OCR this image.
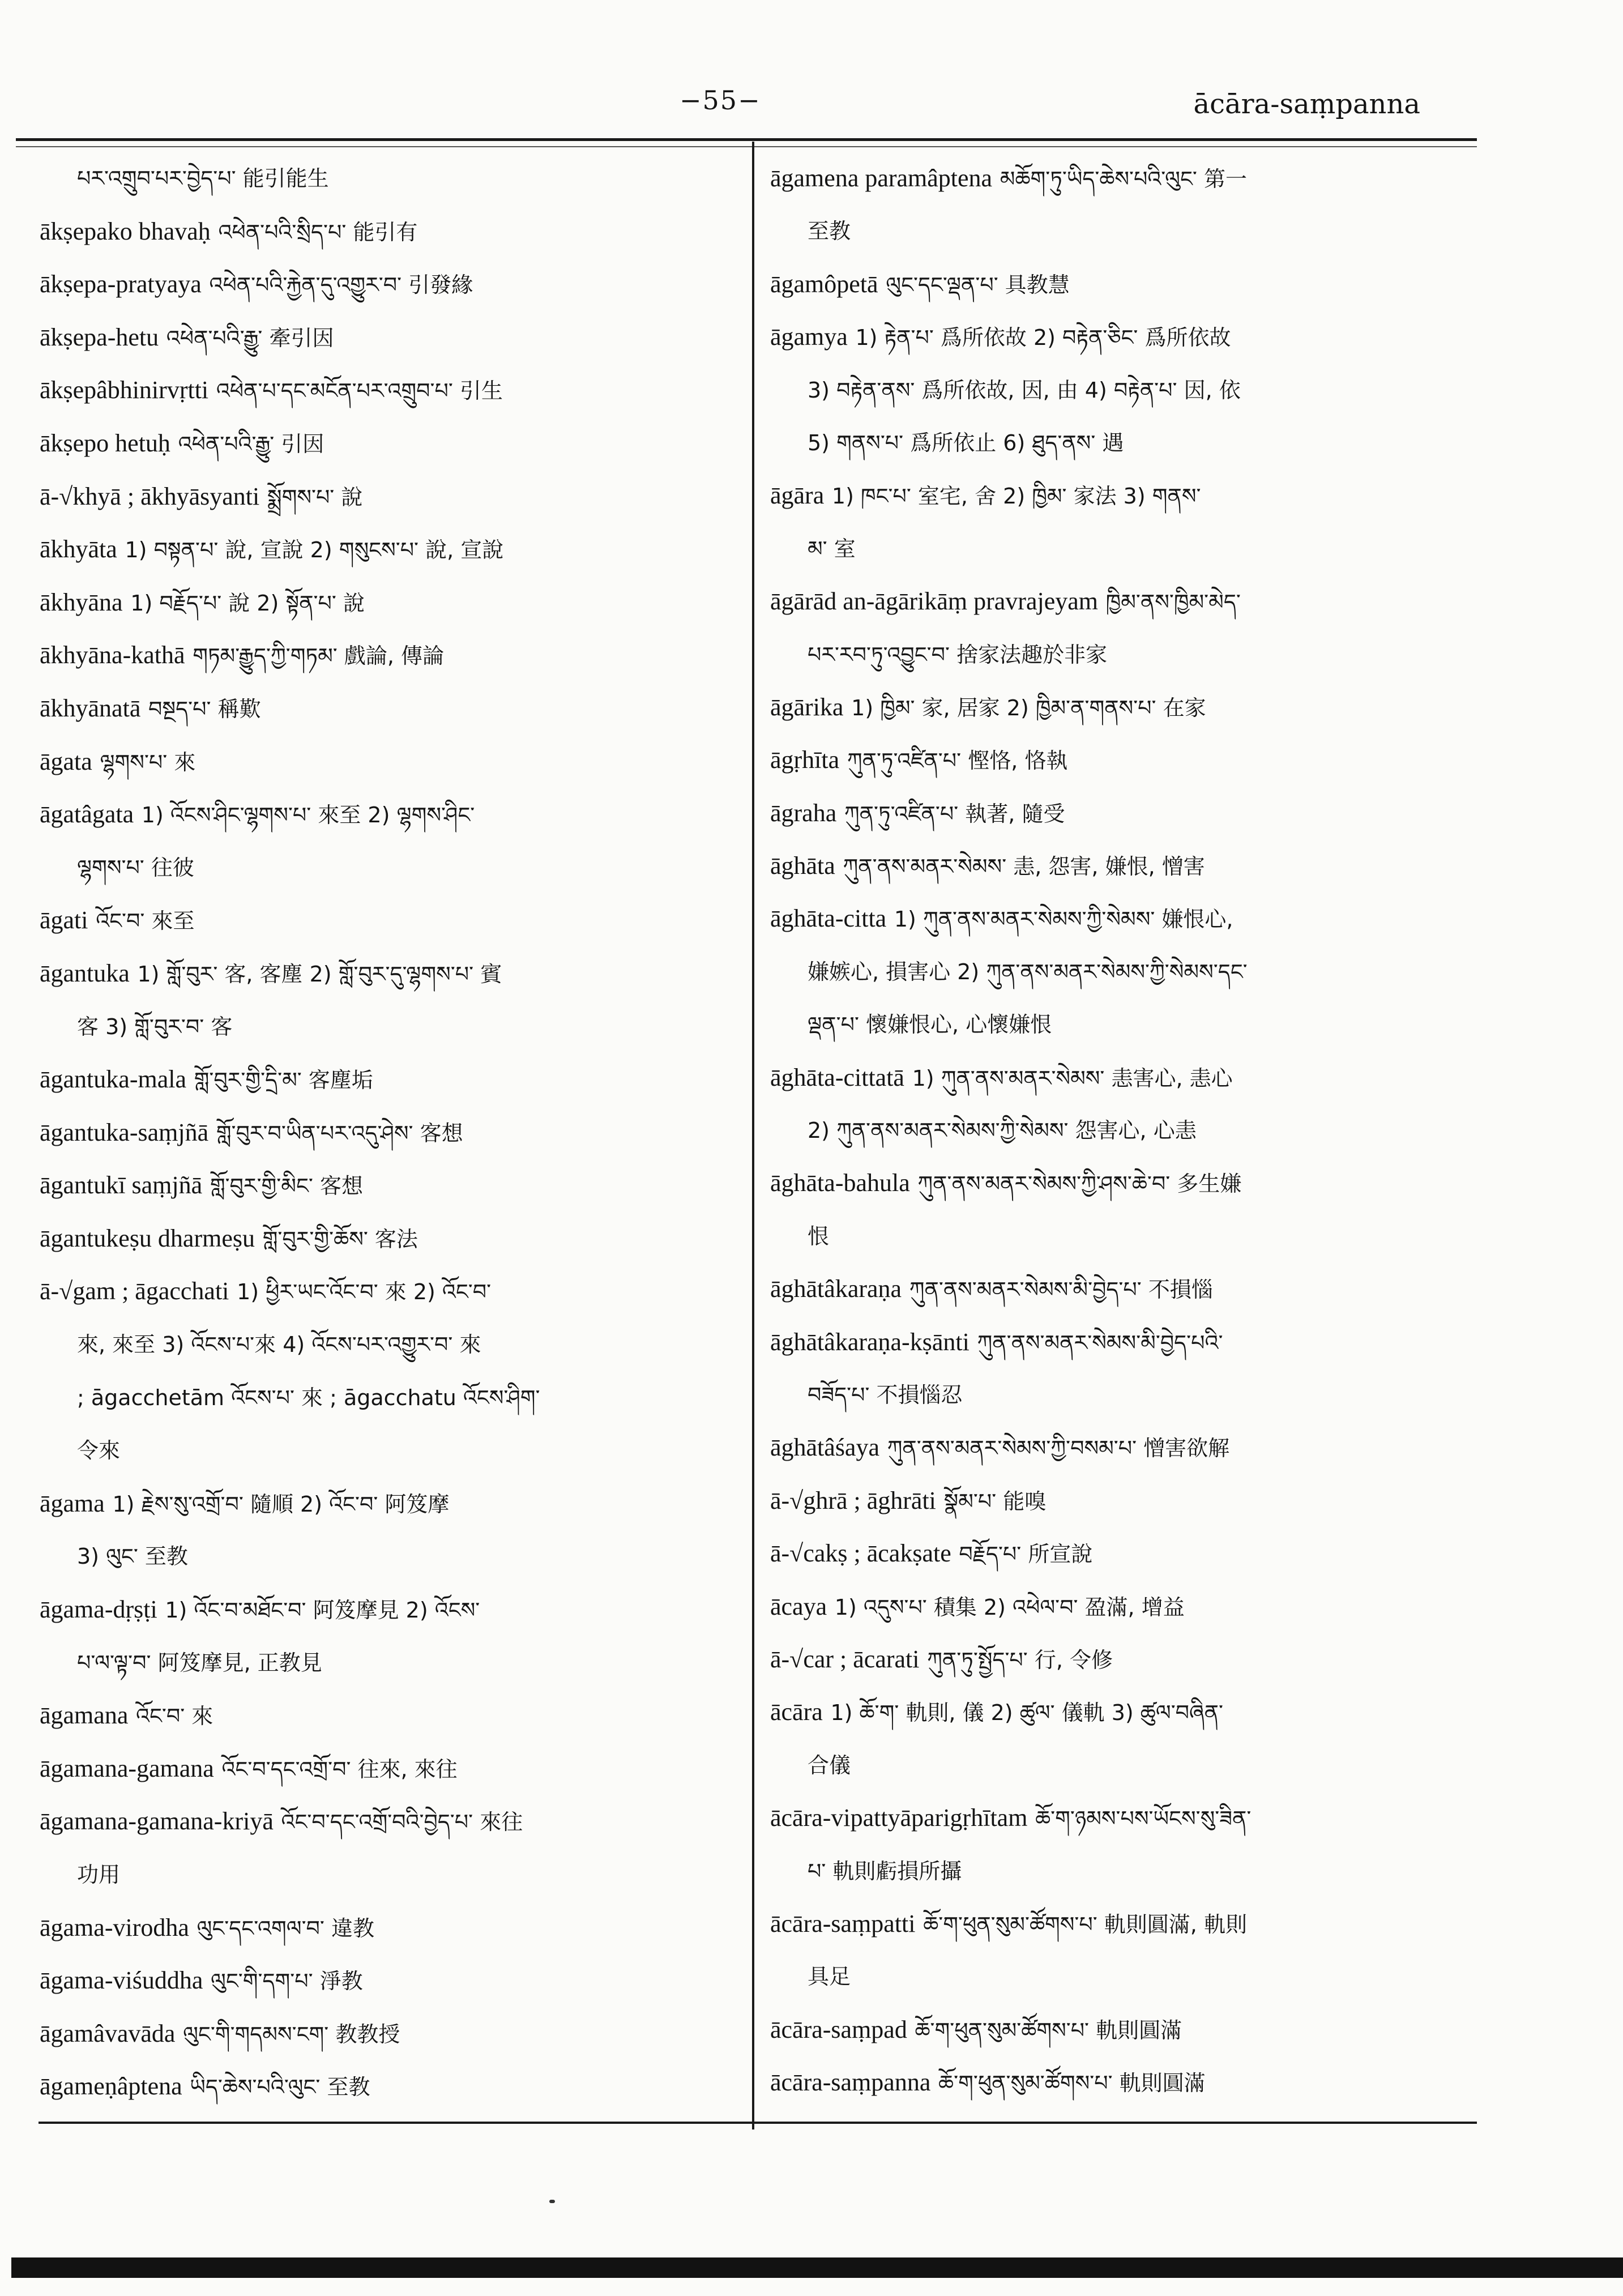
−55−	ācāra-saṃpanna
པར་འགྲུབ་པར་བྱེད་པ་ 能引能生
ākṣepako bhavaḥ འཕེན་པའི་སྲིད་པ་ 能引有
ākṣepa-pratyaya འཕེན་པའི་རྐྱེན་དུ་འགྱུར་བ་ 引發緣
ākṣepa-hetu འཕེན་པའི་རྒྱུ་ 牽引因
ākṣepâbhinirvṛtti འཕེན་པ་དང་མངོན་པར་འགྲུབ་པ་ 引生
ākṣepo hetuḥ འཕེན་པའི་རྒྱུ་ 引因
ā-√khyā ; ākhyāsyanti སྨྲོགས་པ་ 說
ākhyāta 1) བསྟན་པ་ 說, 宣說 2) གསུངས་པ་ 說, 宣說
ākhyāna 1) བརྗོད་པ་ 說 2) སྟོན་པ་ 說
ākhyāna-kathā གཏམ་རྒྱུད་ཀྱི་གཏམ་ 戲論, 傳論
ākhyānatā བསྔད་པ་ 稱歎
āgata ལྷགས་པ་ 來
āgatâgata 1) འོངས་ཤིང་ལྷགས་པ་ 來至 2) ལྷགས་ཤིང་
ལྷགས་པ་ 往彼
āgati འོང་བ་ 來至
āgantuka 1) གློ་བུར་ 客, 客塵 2) གློ་བུར་དུ་ལྷགས་པ་ 賓
客 3) གློ་བུར་བ་ 客
āgantuka-mala གློ་བུར་གྱི་དྲི་མ་ 客塵垢
āgantuka-saṃjñā གློ་བུར་བ་ཡིན་པར་འདུ་ཤེས་ 客想
āgantukī saṃjñā གློ་བུར་གྱི་མིང་ 客想
āgantukeṣu dharmeṣu གློ་བུར་གྱི་ཆོས་ 客法
ā-√gam ; āgacchati 1) ཕྱིར་ཡང་འོང་བ་ 來 2) འོང་བ་
來, 來至 3) འོངས་པ་來 4) འོངས་པར་འགྱུར་བ་ 來
; āgacchetām འོངས་པ་ 來 ; āgacchatu འོངས་ཤིག་
令來
āgama 1) རྗེས་སུ་འགྲོ་བ་ 隨順 2) འོང་བ་ 阿笈摩
3) ལུང་ 至教
āgama-dṛṣṭi 1) འོང་བ་མཐོང་བ་ 阿笈摩見 2) འོངས་
པ་ལ་ལྟ་བ་ 阿笈摩見, 正教見
āgamana འོང་བ་ 來
āgamana-gamana འོང་བ་དང་འགྲོ་བ་ 往來, 來往
āgamana-gamana-kriyā འོང་བ་དང་འགྲོ་བའི་བྱེད་པ་ 來往
功用
āgama-virodha ལུང་དང་འགལ་བ་ 違教
āgama-viśuddha ལུང་གི་དག་པ་ 淨教
āgamâvavāda ལུང་གི་གདམས་ངག་ 教教授
āgameṇâptena ཡིད་ཆེས་པའི་ལུང་ 至教
āgamena paramâptena མཆོག་ཏུ་ཡིད་ཆེས་པའི་ལུང་ 第一
至教
āgamôpetā ལུང་དང་ལྡན་པ་ 具教慧
āgamya 1) རྟེན་པ་ 爲所依故 2) བརྟེན་ཅིང་ 爲所依故
3) བརྟེན་ནས་ 爲所依故, 因, 由 4) བརྟེན་པ་ 因, 依
5) གནས་པ་ 爲所依止 6) ཐུད་ནས་ 遇
āgāra 1) ཁང་པ་ 室宅, 舍 2) ཁྱིམ་ 家法 3) གནས་
མ་ 室
āgārād an-āgārikāṃ pravrajeyam ཁྱིམ་ནས་ཁྱིམ་མེད་
པར་རབ་ཏུ་འབྱུང་བ་ 捨家法趣於非家
āgārika 1) ཁྱིམ་ 家, 居家 2) ཁྱིམ་ན་གནས་པ་ 在家
āgṛhīta ཀུན་ཏུ་འཛིན་པ་ 慳恪, 恪執
āgraha ཀུན་ཏུ་འཛིན་པ་ 執著, 隨受
āghāta ཀུན་ནས་མནར་སེམས་ 恚, 怨害, 嫌恨, 憎害
āghāta-citta 1) ཀུན་ནས་མནར་སེམས་ཀྱི་སེམས་ 嫌恨心,
嫌嫉心, 損害心 2) ཀུན་ནས་མནར་སེམས་ཀྱི་སེམས་དང་
ལྡན་པ་ 懷嫌恨心, 心懷嫌恨
āghāta-cittatā 1) ཀུན་ནས་མནར་སེམས་ 恚害心, 恚心
2) ཀུན་ནས་མནར་སེམས་ཀྱི་སེམས་ 怨害心, 心恚
āghāta-bahula ཀུན་ནས་མནར་སེམས་ཀྱི་ཤས་ཆེ་བ་ 多生嫌
恨
āghātâkaraṇa ཀུན་ནས་མནར་སེམས་མི་བྱེད་པ་ 不損惱
āghātâkaraṇa-kṣānti ཀུན་ནས་མནར་སེམས་མི་བྱེད་པའི་
བཟོད་པ་ 不損惱忍
āghātâśaya ཀུན་ནས་མནར་སེམས་ཀྱི་བསམ་པ་ 憎害欲解
ā-√ghrā ; āghrāti སྣོམ་པ་ 能嗅
ā-√cakṣ ; ācakṣate བརྗོད་པ་ 所宣說
ācaya 1) འདུས་པ་ 積集 2) འཕེལ་བ་ 盈滿, 增益
ā-√car ; ācarati ཀུན་ཏུ་སྤྱོད་པ་ 行, 令修
ācāra 1) ཆོ་ག་ 軌則, 儀 2) ཚུལ་ 儀軌 3) ཚུལ་བཞིན་
合儀
ācāra-vipattyāparigṛhītam ཆོ་ག་ཉམས་པས་ཡོངས་སུ་ཟིན་
པ་ 軌則虧損所攝
ācāra-saṃpatti ཆོ་ག་ཕུན་སུམ་ཚོགས་པ་ 軌則圓滿, 軌則
具足
ācāra-saṃpad ཆོ་ག་ཕུན་སུམ་ཚོགས་པ་ 軌則圓滿
ācāra-saṃpanna ཆོ་ག་ཕུན་སུམ་ཚོགས་པ་ 軌則圓滿
